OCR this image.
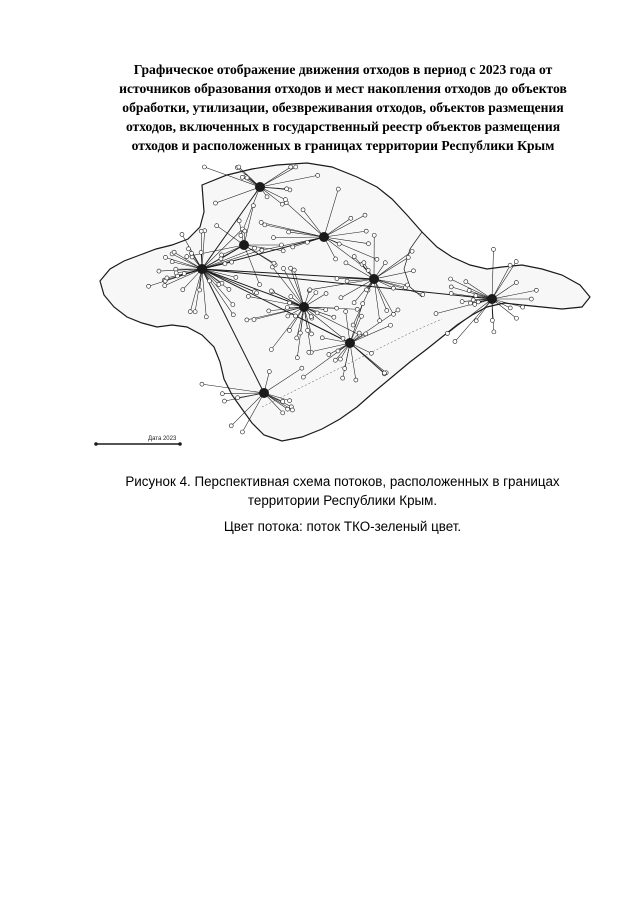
Графическое отображение движения отходов в период с 2023 года от
источников образования отходов и мест накопления отходов до объектов
обработки, утилизации, обезвреживания отходов, объектов размещения
отходов, включенных в государственный реестр объектов размещения
отходов и расположенных в границах территории Республики Крым
Дата 2023
Рисунок 4. Перспективная схема потоков, расположенных в границах
территории Республики Крым.
Цвет потока: поток ТКО-зеленый цвет.
